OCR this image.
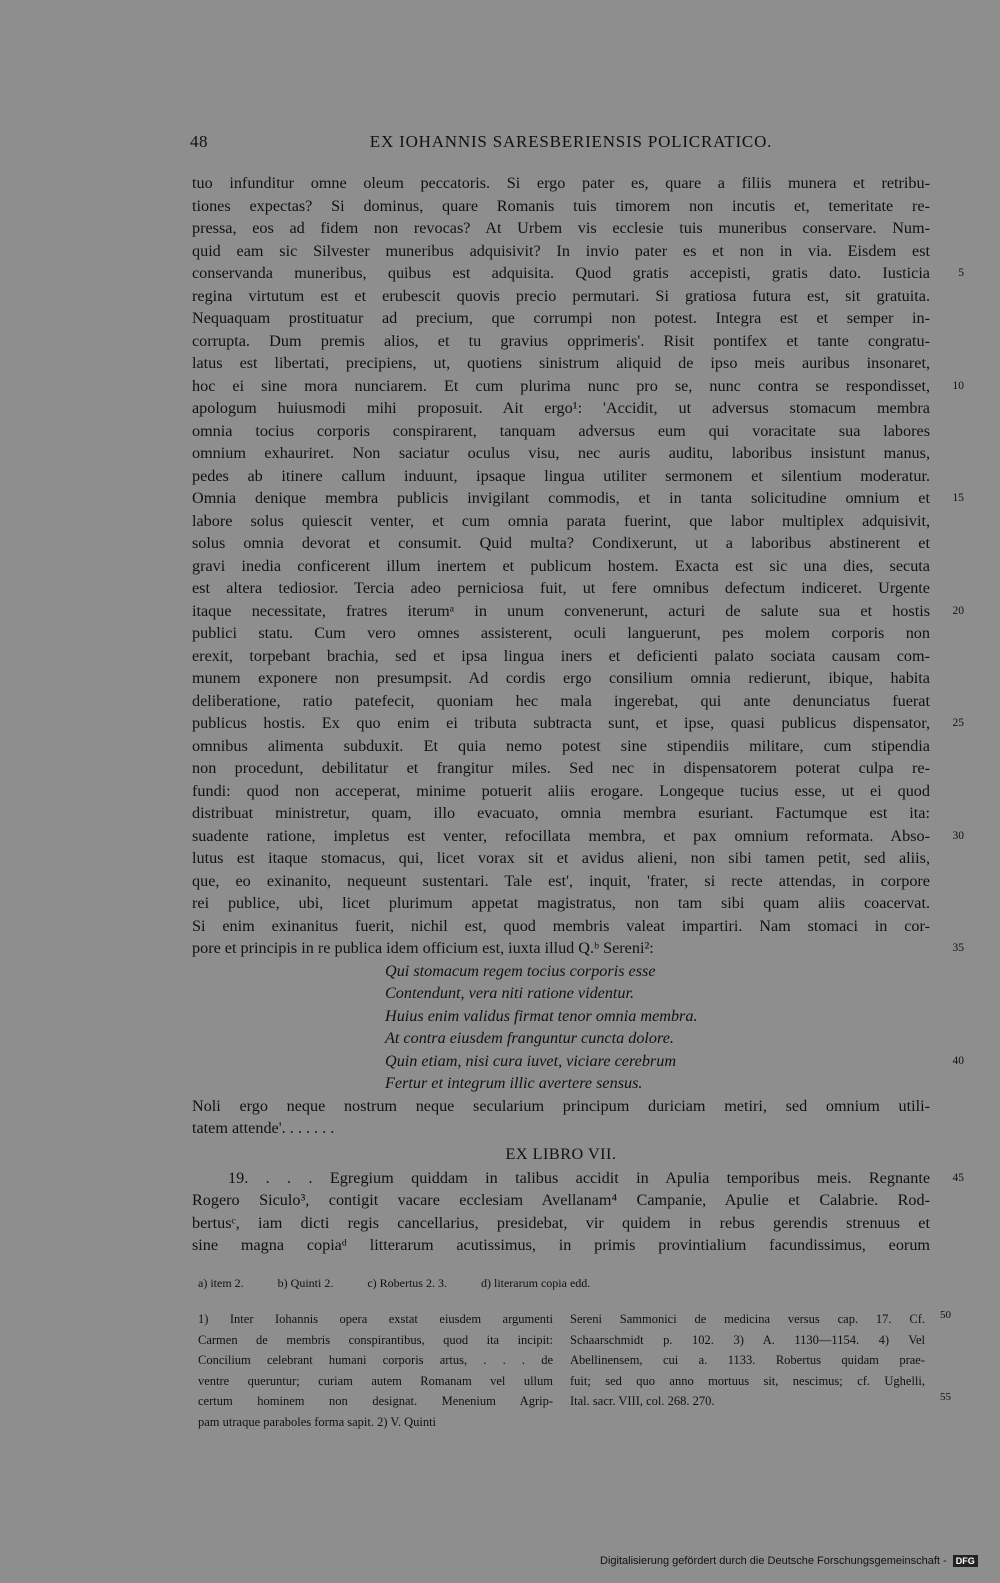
48	EX IOHANNIS SARESBERIENSIS POLICRATICO.
tuo infunditur omne oleum peccatoris. Si ergo pater es, quare a filiis munera et retribu-
tiones expectas? Si dominus, quare Romanis tuis timorem non incutis et, temeritate re-
pressa, eos ad fidem non revocas? At Urbem vis ecclesie tuis muneribus conservare. Num-
quid eam sic Silvester muneribus adquisivit? In invio pater es et non in via. Eisdem est
conservanda muneribus, quibus est adquisita. Quod gratis accepisti, gratis dato. Iusticia 5
regina virtutum est et erubescit quovis precio permutari. Si gratiosa futura est, sit gratuita.
Nequaquam prostituatur ad precium, que corrumpi non potest. Integra est et semper in-
corrupta. Dum premis alios, et tu gravius opprimeris'. Risit pontifex et tante congratu-
latus est libertati, precipiens, ut, quotiens sinistrum aliquid de ipso meis auribus insonaret,
hoc ei sine mora nunciarem. Et cum plurima nunc pro se, nunc contra se respondisset, 10
apologum huiusmodi mihi proposuit. Ait ergo¹: 'Accidit, ut adversus stomacum membra
omnia tocius corporis conspirarent, tanquam adversus eum qui voracitate sua labores
omnium exhauriret. Non saciatur oculus visu, nec auris auditu, laboribus insistunt manus,
pedes ab itinere callum induunt, ipsaque lingua utiliter sermonem et silentium moderatur.
Omnia denique membra publicis invigilant commodis, et in tanta solicitudine omnium et 15
labore solus quiescit venter, et cum omnia parata fuerint, que labor multiplex adquisivit,
solus omnia devorat et consumit. Quid multa? Condixerunt, ut a laboribus abstinerent et
gravi inedia conficerent illum inertem et publicum hostem. Exacta est sic una dies, secuta
est altera tediosior. Tercia adeo perniciosa fuit, ut fere omnibus defectum indiceret. Urgente
itaque necessitate, fratres iterumᵃ in unum convenerunt, acturi de salute sua et hostis 20
publici statu. Cum vero omnes assisterent, oculi languerunt, pes molem corporis non
erexit, torpebant brachia, sed et ipsa lingua iners et deficienti palato sociata causam com-
munem exponere non presumpsit. Ad cordis ergo consilium omnia redierunt, ibique, habita
deliberatione, ratio patefecit, quoniam hec mala ingerebat, qui ante denunciatus fuerat
publicus hostis. Ex quo enim ei tributa subtracta sunt, et ipse, quasi publicus dispensator, 25
omnibus alimenta subduxit. Et quia nemo potest sine stipendiis militare, cum stipendia
non procedunt, debilitatur et frangitur miles. Sed nec in dispensatorem poterat culpa re-
fundi: quod non acceperat, minime potuerit aliis erogare. Longeque tucius esse, ut ei quod
distribuat ministretur, quam, illo evacuato, omnia membra esuriant. Factumque est ita:
suadente ratione, impletus est venter, refocillata membra, et pax omnium reformata. Abso- 30
lutus est itaque stomacus, qui, licet vorax sit et avidus alieni, non sibi tamen petit, sed aliis,
que, eo exinanito, nequeunt sustentari. Tale est', inquit, 'frater, si recte attendas, in corpore
rei publice, ubi, licet plurimum appetat magistratus, non tam sibi quam aliis coacervat.
Si enim exinanitus fuerit, nichil est, quod membris valeat impartiri. Nam stomaci in cor-
pore et principis in re publica idem officium est, iuxta illud Q.ᵇ Sereni²:	35
Qui stomacum regem tocius corporis esse
Contendunt, vera niti ratione videntur.
Huius enim validus firmat tenor omnia membra.
At contra eiusdem franguntur cuncta dolore.
Quin etiam, nisi cura iuvet, viciare cerebrum	40
Fertur et integrum illic avertere sensus.
Noli ergo neque nostrum neque secularium principum duriciam metiri, sed omnium utili-
tatem attende'. . . . . . .
EX LIBRO VII.
19. . . . Egregium quiddam in talibus accidit in Apulia temporibus meis. Regnante 45
Rogero Siculo³, contigit vacare ecclesiam Avellanam⁴ Campanie, Apulie et Calabrie. Rod-
bertusᶜ, iam dicti regis cancellarius, presidebat, vir quidem in rebus gerendis strenuus et
sine magna copiaᵈ litterarum acutissimus, in primis provintialium facundissimus, eorum
a) item 2.	b) Quinti 2.	c) Robertus 2. 3.	d) literarum copia edd.
1) Inter Iohannis opera exstat eiusdem argumenti
Carmen de membris conspirantibus, quod ita incipit:
Concilium celebrant humani corporis artus, . . . de
ventre queruntur; curiam autem Romanam vel ullum
certum hominem non designat. Menenium Agrip-
pam utraque paraboles forma sapit. 2) V. Quinti
Sereni Sammonici de medicina versus cap. 17. Cf.
Schaarschmidt p. 102. 3) A. 1130—1154. 4) Vel
Abellinensem, cui a. 1133. Robertus quidam prae-
fuit; sed quo anno mortuus sit, nescimus; cf. Ughelli,
Ital. sacr. VIII, col. 268. 270.
50
55
Digitalisierung gefördert durch die Deutsche Forschungsgemeinschaft - DFG
